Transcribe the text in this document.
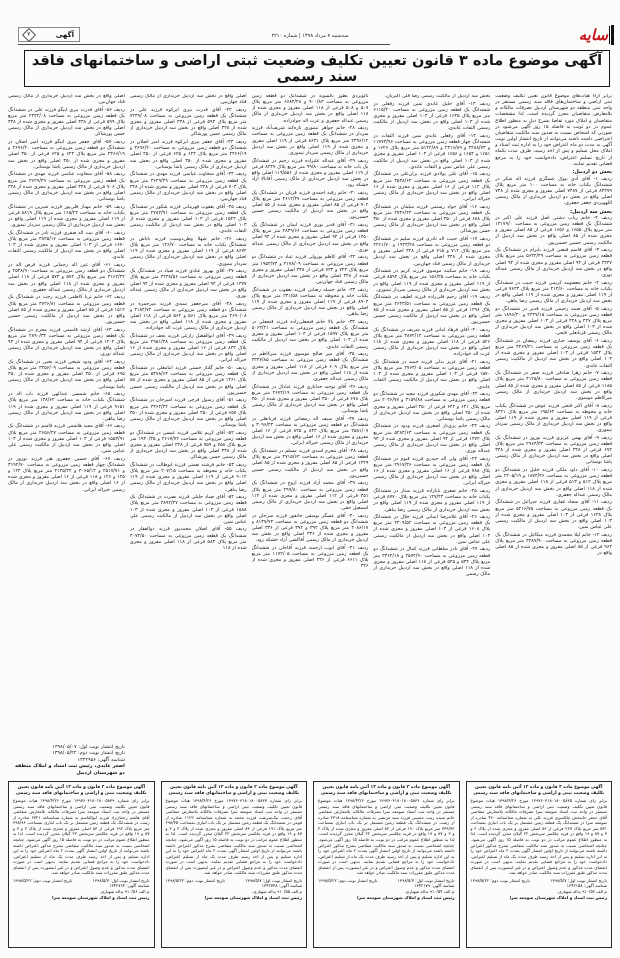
۷	آگهی	سه‌شنبه ۷ مرداد ۱۳۹۸ | شماره ۲۲۱۰	سایه
آگهی موضوع ماده ۳ قانون تعیین تکلیف وضعیت ثبتی اراضی و ساختمانهای فاقد سند رسمی

برابر آراء هیات‌های موضوع قانون تعیین تکلیف وضعیت ثبتی اراضی و ساختمان‌های فاقد سند رسمی مستقر در واحد ثبتی منطقه دو شهرستان اردبیل تصرفات مالکانه و بلامعارض متقاضیان محرز گردیده است. لذا مشخصات متقاضیان و املاک مورد تقاضا بشرح ذیل به منظور اطلاع عموم در دو نوبت به فاصله ۱۵ روز آگهی می‌شود در صورتی که اشخاص نسبت به صدور سند مالکیت متقاضیان اعتراضی داشته باشند می‌توانند از تاریخ انتشار اولین نوبت آگهی به مدت دو ماه اعتراض خود را به اداره ثبت اسناد و املاک محل تسلیم و پس از اخذ رسید، ظرف مدت یکماه از تاریخ تسلیم اعتراض، دادخواست خود را به مرجع قضایی تقدیم نمایند.

بخش دو اردبیل:

ردیف ۱- آقای آدی بیوک عسگری فرزند اله شکر در ششدانگ یکباب خانه به مساحت ۱۰۰ متر مربع پلاک ۸۳۳۷۹ فرعی از ۷۴۸۷ اصلی مفروز و مجزی شده از ۷۴۸ اصلی واقع در بخش دو اردبیل خریداری از مالک رسمی اللهویردی جعفر جعفری.

بخش سه اردبیل:

ردیف ۲- خانم رباب دشتی اصل فرزند علی اکبر در ششدانگ یک قطعه زمین مزروعی به مساحت ۱۳۱۷۹/۰ متر مربع پلاک ۱۶۵۵ و ۱۶۵۶ فرعی از ۸۵ اصلی مفروز و مجزی شده از ۸۵ اصلی واقع در بخش سه اردبیل از مالکیت رسمی حسین حسین‌پور.

ردیف ۳- آقای قاسم فیضی فرزند بایرام در ششدانگ یک قطعه زمین مزروعی به مساحت ۵۶۳۲/۴۹ متر مربع پلاک ۲۳۴۷ فرعی از ۹۴ اصلی مفروز و مجزی شده از ۹۴ اصلی واقع در بخش سه اردبیل خریداری از مالک رسمی عبداله نوری.

ردیف ۴- خانم معصومه کریمی فرزند حبیب در ششدانگ یکباب خانه به مساحت ۲۱۴/۶۰ متر مربع پلاک ۷۶۲۳ فرعی از ۱۱۹ اصلی مفروز و مجزی شده از ۱۱۹ اصلی واقع در بخش سه اردبیل خریداری از مالک رسمی رضا پناهی.

ردیف ۵- آقای صمد رحیمی فرزند قدیر در ششدانگ دو قطعه زمین مزروعی به مساحت ۲۴۳۷/۱۵ و ۱۸۹۶/۴۰ متر مربع پلاک ۴۲۷ و ۴۲۸ فرعی از ۱۰۳ اصلی مفروز و مجزی شده از ۱۰۳ اصلی واقع در بخش سه اردبیل خریداری از مالک رسمی قربانعلی فتحی.

ردیف ۶- آقای یوسف جباری فرزند رمضان در ششدانگ یک قطعه زمین مزروعی به مساحت ۳۲۶۹/۲۱ متر مربع پلاک ۱۵۴۲ فرعی از ۱۰۳ اصلی مفروز و مجزی شده از ۱۰۳ اصلی واقع در بخش سه اردبیل از مالکیت رسمی التفات عابدی.

ردیف ۷- خانم زهرا صادقی فرزند صفر در ششدانگ یک قطعه زمین مزروعی به مساحت ۴۱۲۵/۸۰ متر مربع پلاک ۱۱۸۵ فرعی از ۸۵ اصلی مفروز و مجزی شده از ۸۵ اصلی واقع در بخش سه اردبیل خریداری از مالک رسمی میرکاظم موسوی.

ردیف ۸- آقای اکبر فتحی فرزند عوض در ششدانگ یکباب خانه و محوطه به مساحت ۱۹۵/۶۲ متر مربع پلاک ۸۴۲۱ فرعی از ۱۱۹ اصلی مفروز و مجزی شده از ۱۱۹ اصلی واقع در بخش سه اردبیل خریداری از مالک رسمی سردار تیموری.

ردیف ۹- آقای بهمن عزیزی فرزند نوروز در ششدانگ یک قطعه زمین مزروعی به مساحت ۲۹۶۴/۳۳ متر مربع پلاک ۶۷۲ فرعی از ۳۴۸ اصلی مفروز و مجزی شده از ۳۴۸ اصلی واقع در بخش سه اردبیل خریداری از مالک رسمی پاشا بوستانی.

ردیف ۱۰- آقای داود ملکی فرزند خلیل در ششدانگ دو قطعه زمین مزروعی به مساحت ۱۸۷۴/۲۶ و ۲۲۰۵/۱۹ متر مربع پلاک ۵۱۲ و ۵۱۳ فرعی از ۱۱۸ اصلی مفروز و مجزی شده از ۱۱۸ اصلی واقع در بخش سه اردبیل خریداری از مالک رسمی عبداله جعفری.

ردیف ۱۱- آقای سجاد غفاری فرزند جبرائیل در ششدانگ یک قطعه زمین مزروعی به مساحت ۵۲۱۶/۷۵ متر مربع پلاک ۱۶۳۸ فرعی از ۱۰۳ اصلی مفروز و مجزی شده از ۱۰۳ اصلی واقع در بخش سه اردبیل از مالکیت رسمی علی عباس نمین.

ردیف ۱۲- خانم لیلا محمدی فرزند میکائیل در ششدانگ یک قطعه زمین مزروعی به مساحت ۳۴۸۷/۹۰ متر مربع پلاک ۹۶۴ فرعی از ۸۵ اصلی مفروز و مجزی شده از ۸۵ اصلی واقع در

بخش سه اردبیل از مالکیت رسمی رضا قلی اکبریان.

ردیف ۱۳- آقای جلیل عابدی نمین فرزند رفعلی در ششدانگ یک قطعه زمین مزروعی به مساحت ۶۱۱۵/۴۰ متر مربع پلاک ۱۶۴۵ فرعی از ۱۰۳ اصلی مفروز و مجزی شده از ۱۰۳ اصلی واقع در بخش سه اردبیل از مالکیت رسمی التفات عابدی.

ردیف ۱۴- آقای رفعلی عابدی نمین فرزند التفات در ششدانگ چهار قطعه زمین مزروعی به مساحت ۱۱۷۷۳/۹۶ و ۴۴۸۸/۷۳ و ۲۴۱۶/۸۹ و ۵۱۴۲/۸۹ متر مربع پلاک ۱۶۲۶ و ۱۶۵۱ و ۱۶۵۴ و ۱۶۵۶ فرعی از ۱۰۳ اصلی مفروز و مجزی شده از ۱۰۳ اصلی واقع در بخش سه اردبیل از مالکیت رسمی علی عباس نمین و التفات عابدی.

ردیف ۱۵- آقای علی پولادی فرزند بران‌علی در ششدانگ یک قطعه زمین مزروعی به مساحت ۳۵۴۸/۶۲ متر مربع پلاک ۱۱۲ فرعی از ۱۶ اصلی مفروز و مجزی شده از ۱۶ اصلی واقع در بخش سه اردبیل خریداری از مالک رسمی خیراله ایرانی.

ردیف ۱۶- آقای جواد رستمی فرزند سلمان در ششدانگ یک قطعه زمین مزروعی به مساحت ۲۷۳۶/۴۴ متر مربع پلاک ۶۸۸ فرعی از ۳۵۰ اصلی مفروز و مجزی شده از ۳۵۰ اصلی واقع در بخش سه اردبیل خریداری از مالک رسمی حسن پورشاکر.

ردیف ۱۷- آقای حبیب اله نادری فرزند سلیم در ششدانگ دو قطعه زمین مزروعی به مساحت ۱۹۴۳/۲۸ و ۲۲۶۱/۷۰ متر مربع پلاک ۷۱۴ و ۷۱۵ فرعی از ۳۴۸ اصلی مفروز و مجزی شده از ۳۴۸ اصلی واقع در بخش سه اردبیل خریداری از مالک رسمی قناد جهان‌بین.

ردیف ۱۸- خانم سکینه موسوی فرزند کریم در ششدانگ یکباب خانه به مساحت ۱۵۶/۳۵ متر مربع پلاک ۸۵۹۴ فرعی از ۱۱۹ اصلی مفروز و مجزی شده از ۱۱۹ اصلی واقع در بخش سه اردبیل خریداری از مالک رسمی سردار تیموری.

ردیف ۱۹- آقای رحیم قلی‌زاده فرزند لطیف در ششدانگ یک قطعه زمین مزروعی به مساحت ۴۶۲۳/۵۱ متر مربع پلاک ۱۲۹۶ فرعی از ۸۵ اصلی مفروز و مجزی شده از ۸۵ اصلی واقع در بخش سه اردبیل از مالکیت رسمی حسین حسین‌پور.

ردیف ۲۰- آقای فرهاد امانی فرزند شریف در ششدانگ یک قطعه زمین مزروعی به مساحت ۳۸۷۲/۱۴ متر مربع پلاک ۵۲۶ فرعی از ۱۱۸ اصلی مفروز و مجزی شده از ۱۱۸ اصلی واقع در بخش سه اردبیل خریداری از مالک رسمی عزت اله جوادزاده.

ردیف ۲۱- آقای عزیز بدلی فرزند حمید در ششدانگ یک قطعه زمین مزروعی به مساحت ۲۷۶۴/۰۵ متر مربع پلاک ۱۵۷۰ فرعی از ۱۰۳ اصلی مفروز و مجزی شده از ۱۰۳ اصلی واقع در بخش سه اردبیل از مالکیت رسمی التفات عابدی.

ردیف ۲۲- آقای مهدی شکوری فرزند مجید در ششدانگ دو قطعه زمین مزروعی به مساحت ۳۱۵۹/۸۸ و ۲۰۴۶/۷۷ متر مربع پلاک ۶۴۱ و ۶۴۲ فرعی از ۳۵۰ اصلی مفروز و مجزی شده از ۳۵۰ اصلی واقع در بخش سه اردبیل خریداری از مالک رسمی پاشا بوستانی.

ردیف ۲۳- خانم پری‌ناز اصغری فرزند ودود در ششدانگ یک قطعه زمین مزروعی به مساحت ۵۲۸۴/۶۳ متر مربع پلاک ۱۴۷۲ فرعی از ۹۴ اصلی مفروز و مجزی شده از ۹۴ اصلی واقع در بخش سه اردبیل خریداری از مالک رسمی عبداله نوری.

ردیف ۲۴- آقای ولی اله حیدری فرزند قیوم در ششدانگ یک قطعه زمین مزروعی به مساحت ۲۹۱۷/۳۶ متر مربع پلاک ۷۸۸ فرعی از ۱۶ اصلی مفروز و مجزی شده از ۱۶ اصلی واقع در بخش سه اردبیل خریداری از مالک رسمی خیراله ایرانی.

ردیف ۲۵- خانم صغری بابازاده فرزند ستار در ششدانگ یکباب خانه به مساحت ۱۲۷/۴۴ متر مربع پلاک ۸۷۷۰ فرعی از ۱۱۹ اصلی مفروز و مجزی شده از ۱۱۹ اصلی واقع در بخش سه اردبیل خریداری از مالک رسمی رضا پناهی.

ردیف ۲۶- آقای غلامرضا ایمانی فرزند جلال در ششدانگ یک قطعه زمین مزروعی به مساحت ۴۴۰۹/۵۲ متر مربع پلاک ۱۶۰۸ فرعی از ۱۰۳ اصلی مفروز و مجزی شده از ۱۰۳ اصلی واقع در بخش سه اردبیل از مالکیت رسمی علی عباس نمین.

ردیف ۲۷- آقای نادر سلطانی فرزند کمال در ششدانگ دو قطعه زمین مزروعی به مساحت ۲۵۷۴/۹۰ و ۳۳۶۲/۱۸ متر مربع پلاک ۵۴۴ و ۵۴۵ فرعی از ۱۱۸ اصلی مفروز و مجزی شده از ۱۱۸ اصلی واقع در بخش سه اردبیل خریداری از مالک رسمی

تالویردی بطور بالسویه در ششدانگ دو قطعه زمین مزروعی به مساحت ۹۰۰/۸۳ و ۶۶۸۴/۲۸ متر مربع پلاک ۵۰۷ و ۵۰۸ فرعی از ۱۱۸ اصلی مفروز و مجزی شده از ۱۱۸ اصلی واقع در بخش سه اردبیل خریداری از مالک رسمی عبداله جعفری و عزت اله جوادزاده.

ردیف ۲۸- خانم جواهر تیموری تازه‌کند شریف‌آباد فرزند سردار در ششدانگ یک قطعه زمین مزروعی به مساحت ۲۳۹۶/۱۲ متر مربع پلاک ۸۶۳۱ فرعی از ۱۱۹ اصلی مفروز و مجزی شده از ۱۱۹ اصلی واقع در بخش سه اردبیل خریداری از مالک رسمی سردار تیموری.

ردیف ۲۹- آقای عبداله علیزاده فرزند رحیم در ششدانگ یک باب خانه به مساحت ۹۹/۸۰ متر مربع پلاک ۸۲۳۷ فرعی از ۱۱۹ اصلی مفروز و مجزی شده از ۱۱۹/۵۵۶ اصلی واقع در بخش سه اردبیل خریداری از مالک رسمی آقابالا آزاد خشکه رود.

ردیف ۳۰- خانم رقیه احمدی فرزند قربان در ششدانگ یک قطعه زمین مزروعی به مساحت ۳۶۱۲/۴۷ متر مربع پلاک ۹۰۲ فرعی از ۸۵ اصلی مفروز و مجزی شده از ۸۵ اصلی واقع در بخش سه اردبیل از مالکیت رسمی حسین حسین‌پور.

ردیف ۳۱- آقای قدیر نوری فرزند ایمان در ششدانگ یک قطعه زمین مزروعی به مساحت ۲۸۳۹/۶۶ متر مربع پلاک ۱۳۵۰ فرعی از ۹۴ اصلی مفروز و مجزی شده از ۹۴ اصلی واقع در بخش سه اردبیل خریداری از مالک رسمی عبداله نوری.

ردیف ۳۲- آقای کاظم پورولی فرزند عباد در ششدانگ دو قطعه زمین مزروعی به مساحت ۴۱۷۸/۰۹ و ۱۹۵۳/۷۴ متر مربع پلاک ۷۳۲ و ۷۳۳ فرعی از ۳۴۸ اصلی مفروز و مجزی شده از ۳۴۸ اصلی واقع در بخش سه اردبیل خریداری از مالک رسمی قناد جهان‌بین.

ردیف ۳۳- خانم جمیله رضایی فرزند یعقوب در ششدانگ یکباب خانه و محوطه به مساحت ۲۳۱/۵۸ متر مربع پلاک ۸۹۰۳ فرعی از ۱۱۹ اصلی مفروز و مجزی شده از ۱۱۹ اصلی واقع در بخش سه اردبیل خریداری از مالک رسمی رضا پناهی.

ردیف ۳۴- خانم بالا خانم فتحعلی‌زاده فرزند فتحعلی در ششدانگ یک قطعه زمین مزروعی به مساحت ۵۰۶۳/۲۱ متر مربع پلاک ۱۵۹۷ فرعی از ۱۰۳ اصلی مفروز و مجزی شده از ۱۰۳ اصلی واقع در بخش سه اردبیل از مالکیت رسمی التفات عابدی.

ردیف ۳۵- آقای میر صالح موسوی فرزند میرکاظم در ششدانگ یک قطعه زمین مزروعی به مساحت ۳۳۴۷/۸۵ متر مربع پلاک ۶۰۹ فرعی از ۱۱۸ اصلی مفروز و مجزی شده از ۱۱۸ اصلی واقع در بخش سه اردبیل خریداری از مالک رسمی عبداله جعفری.

ردیف ۳۶- آقای توحید خدایاری فرزند عبادال در ششدانگ یک قطعه زمین مزروعی به مساحت ۲۶۷۴/۱۹ متر مربع پلاک ۶۷۸ فرعی از ۳۵۰ اصلی مفروز و مجزی شده از ۳۵۰ اصلی واقع در بخش سه اردبیل خریداری از مالک رسمی پاشا بوستانی.

ردیف ۳۷- آقای سیف اله رمضانی فرزند قربانعلی در ششدانگ دو قطعه زمین مزروعی به مساحت ۳۰۹۶/۴۴ و ۲۵۸۱/۰۷ متر مربع پلاک ۸۲۴ و ۸۲۵ فرعی از ۱۶ اصلی مفروز و مجزی شده از ۱۶ اصلی واقع در بخش سه اردبیل خریداری از مالک رسمی خیراله ایرانی.

ردیف ۳۸- آقای محرم اسدی فرزند مسلم در ششدانگ یک قطعه زمین مزروعی به مساحت ۴۷۱۵/۶۳ متر مربع پلاک ۱۴۲۹ فرعی از ۸۵ اصلی مفروز و مجزی شده از ۸۵ اصلی واقع در بخش سه اردبیل از مالکیت رسمی حسین حسین‌پور.

ردیف ۳۹- آقای محمد آزاد فرزند اروج در ششدانگ یک قطعه زمین مزروعی به مساحت ۲۹۹/۸۰ متر مربع پلاک ۳۵۱ فرعی از ۱۱۲ اصلی مفروز و مجزی شده از ۱۱۲ اصلی واقع در بخش سه اردبیل خریداری از مالک رسمی اسمعیل حقی.

ردیف ۴۰- آقای عسگر یوسفی جانقور فرزند سرخان در ششدانگ دو قطعه زمین مزروعی به مساحت ۸۱۳۷/۷۴ و ۲۰۸۶/۱۷ متر مربع پلاک ۳۹۲ و ۳۹۴ فرعی از ۳۳۶ اصلی مفروز و مجزی شده از ۳۳۶ اصلی واقع در بخش سه اردبیل خریداری از مالک رسمی آقاکشی آزاد خشکه رود.

ردیف ۴۱- آقای ایوب ارجمند فرزند آقاجان در ششدانگ یک قطعه زمین مزروعی به مساحت ۱۱۷۲/۰۵ متر مربع پلاک ۶۶۱۱ فرعی از ۳۳۶ اصلی مفروز و مجزی شده از ۳۳۶

اصلی واقع در بخش سه اردبیل خریداری از مالک رسمی قناد جهان‌بین.

ردیف ۴۲- آقای قدرت بیری ایرکوه فرزند علی در ششدانگ یک قطعه زمین مزروعی به مساحت ۷۴۴۹/۰۸ متر مربع پلاک ۵۹۴ فرعی از ۳۴۸ اصلی مفروز و مجزی شده از ۳۴۸ اصلی واقع در بخش سه اردبیل خریداری از مالک رسمی حسن پورشاکر.

ردیف ۴۳- آقای جعفر بیری ایرکوه فرزند امیر اصلان در ششدانگ دو قطعه زمین مزروعی به مساحت ۳۶۹۶/۲۰ و ۲۴۶۶/۱۹ متر مربع پلاک ۶۲۴ و ۶۲۵ فرعی از ۳۵۰ اصلی مفروز و مجزی شده از ۳۵۰ اصلی واقع در بخش سه اردبیل خریداری از مالک رسمی پاشا بوستانی.

ردیف ۴۴- آقای سخاوت عباسی فرزند مهدی در ششدانگ یک قطعه زمین مزروعی به مساحت ۳۶۲۹/۴۹ متر مربع پلاک ۷۰۳ فرعی از ۳۴۸ اصلی مفروز و مجزی شده از ۳۴۸ اصلی واقع در بخش سه اردبیل خریداری از مالک رسمی قناد جهان‌بین.

ردیف ۴۵- آقای یعقوب قهرمانی فرزند شکور در ششدانگ یک قطعه زمین مزروعی به مساحت ۲۷۸۳/۹۱ متر مربع پلاک ۱۵۲۴ فرعی از ۱۰۳ اصلی مفروز و مجزی شده از ۱۰۳ اصلی واقع در بخش سه اردبیل از مالکیت رسمی التفات عابدی.

ردیف ۴۶- خانم شهلا وطن‌دوست فرزند باباش در ششدانگ یکباب خانه به مساحت ۱۴۶/۷۰ متر مربع پلاک ۸۶۷۲ فرعی از ۱۱۹ اصلی مفروز و مجزی شده از ۱۱۹ اصلی واقع در بخش سه اردبیل خریداری از مالک رسمی سردار تیموری.

ردیف ۴۷- آقای بهروز عبادی فرزند صیاد در ششدانگ یک قطعه زمین مزروعی به مساحت ۴۲۳۸/۵۶ متر مربع پلاک ۱۳۷۷ فرعی از ۹۴ اصلی مفروز و مجزی شده از ۹۴ اصلی واقع در بخش سه اردبیل خریداری از مالک رسمی عبداله نوری.

ردیف ۴۸- آقای میرجعفر سیدی فرزند میرحمزه در ششدانگ دو قطعه زمین مزروعی به مساحت ۳۱۸۴/۷۲ و ۲۶۹۰/۰۸ متر مربع پلاک ۵۶۱ و ۵۶۲ فرعی از ۱۱۸ اصلی مفروز و مجزی شده از ۱۱۸ اصلی واقع در بخش سه اردبیل خریداری از مالک رسمی عزت اله جوادزاده.

ردیف ۴۹- آقای ابوالفضل زارعی فرزند نجف در ششدانگ یک قطعه زمین مزروعی به مساحت ۲۹۵۱/۳۸ متر مربع پلاک ۸۴۲ فرعی از ۱۶ اصلی مفروز و مجزی شده از ۱۶ اصلی واقع در بخش سه اردبیل خریداری از مالک رسمی خیراله ایرانی.

ردیف ۵۰- خانم گلناز حسنی فرزند امامعلی در ششدانگ یک قطعه زمین مزروعی به مساحت ۵۴۷۸/۶۳ متر مربع پلاک ۱۴۶۱ فرعی از ۸۵ اصلی مفروز و مجزی شده از ۸۵ اصلی واقع در بخش سه اردبیل از مالکیت رسمی حسین حسین‌پور.

ردیف ۵۱- آقای رسول فرجی فرزند امیرخان در ششدانگ یک قطعه زمین مزروعی به مساحت ۳۳۶۲/۴۴ متر مربع پلاک ۶۵۷ فرعی از ۳۵۰ اصلی مفروز و مجزی شده از ۳۵۰ اصلی واقع در بخش سه اردبیل خریداری از مالک رسمی پاشا بوستانی.

ردیف ۵۲- آقای کریم غلامی فرزند عیسی در ششدانگ دو قطعه زمین مزروعی به مساحت ۲۶۱۷/۷۲ و ۱۹۴۰/۳۵ متر مربع پلاک ۷۵۸ و ۷۵۹ فرعی از ۳۴۸ اصلی مفروز و مجزی شده از ۳۴۸ اصلی واقع در بخش سه اردبیل خریداری از مالک رسمی حسن پورشاکر.

ردیف ۵۳- خانم فرشته نعمتی فرزند ابوطالب در ششدانگ یکباب خانه و محوطه به مساحت ۲۰۷/۱۵ متر مربع پلاک ۹۰۱۴ فرعی از ۱۱۹ اصلی مفروز و مجزی شده از ۱۱۹ اصلی واقع در بخش سه اردبیل خریداری از مالک رسمی رضا پناهی.

ردیف ۵۴- آقای صیاد جلیلی فرزند نصرت در ششدانگ یک قطعه زمین مزروعی به مساحت ۴۸۹۲/۲۷ متر مربع پلاک ۱۵۸۸ فرعی از ۱۰۳ اصلی مفروز و مجزی شده از ۱۰۳ اصلی واقع در بخش سه اردبیل از مالکیت رسمی علی عباس نمین.

ردیف ۵۵- آقای اصلان محمدپور فرزند ذوالفقار در ششدانگ یک قطعه زمین مزروعی به مساحت ۳۰۷۴/۵۰ متر مربع پلاک ۵۸۳ فرعی از ۱۱۸ اصلی مفروز و مجزی شده از ۱۱۸

اصلی واقع در بخش سه اردبیل خریداری از مالک رسمی قناد جهان‌بین.

ردیف ۵۶- آقای قدرت بیری ایبگو فرزند علی در ششدانگ یک قطعه زمین مزروعی به مساحت ۲۴۴۲/۰۸ متر مربع پلاک ۵۹۹ فرعی از ۳۴۸ اصلی مفروز و مجزی شده از ۳۴۸ اصلی واقع در بخش سه اردبیل خریداری از مالک رسمی حسن پورشاکر.

ردیف ۵۷- آقای جعفر بیری ایبگو فرزند امیر اصلان در ششدانگ دو قطعه زمین مزروعی به مساحت ۳۶۹۶/۲۰ و ۲۴۶۶/۱۹ متر مربع پلاک ۶۲۴ و ۶۲۵ فرعی از ۳۵۰ اصلی مفروز و مجزی شده از ۳۵۰ اصلی واقع در بخش سه اردبیل خریداری از مالک رسمی پاشا بوستانی.

ردیف ۵۸- آقای سخاوت عباسی فرزند مهدی در ششدانگ یک قطعه زمین مزروعی به مساحت ۳۶۲۹/۴۹ متر مربع پلاک ۷۰۶ فرعی از ۳۴۸ اصلی مفروز و مجزی شده از ۳۴۸ اصلی واقع در بخش سه اردبیل خریداری از مالک رسمی پاشا بوستانی.

ردیف ۵۹- خانم مهناز قلی‌پور فرزند شیرین در ششدانگ یکباب خانه به مساحت ۱۶۵/۲۴ متر مربع پلاک ۸۸۱۹ فرعی از ۱۱۹ اصلی مفروز و مجزی شده از ۱۱۹ اصلی واقع در بخش سه اردبیل خریداری از مالک رسمی سردار تیموری.

ردیف ۶۰- آقای بیت اله صفری فرزند نادر در ششدانگ یک قطعه زمین مزروعی به مساحت ۳۸۴۵/۱۶ متر مربع پلاک ۱۶۷۰ فرعی از ۱۰۳ اصلی مفروز و مجزی شده از ۱۰۳ اصلی واقع در بخش سه اردبیل از مالکیت رسمی التفات عابدی.

ردیف ۶۱- آقای عین اله رحمانی فرزند فرض اله در ششدانگ دو قطعه زمین مزروعی به مساحت ۲۵۳۸/۹۰ و ۳۱۶۲/۴۴ متر مربع پلاک ۵۷۲ و ۵۷۳ فرعی از ۱۱۸ اصلی مفروز و مجزی شده از ۱۱۸ اصلی واقع در بخش سه اردبیل خریداری از مالک رسمی عبداله جعفری.

ردیف ۶۲- خانم ثریا کاظمی فرزند رجب در ششدانگ یک قطعه زمین مزروعی به مساحت ۴۷۲۶/۸۱ متر مربع پلاک ۱۵۱۲ فرعی از ۸۵ اصلی مفروز و مجزی شده از ۸۵ اصلی واقع در بخش سه اردبیل از مالکیت رسمی حسین حسین‌پور.

ردیف ۶۳- آقای ارشد قاسمی فرزند محرم در ششدانگ یک قطعه زمین مزروعی به مساحت ۲۸۹۰/۳۳ متر مربع پلاک ۱۴۰۲ فرعی از ۹۴ اصلی مفروز و مجزی شده از ۹۴ اصلی واقع در بخش سه اردبیل خریداری از مالک رسمی عبداله نوری.

ردیف ۶۴- آقای ودود شیخی فرزند یحیی در ششدانگ یک قطعه زمین مزروعی به مساحت ۳۴۵۶/۰۹ متر مربع پلاک ۶۹۵ فرعی از ۳۵۰ اصلی مفروز و مجزی شده از ۳۵۰ اصلی واقع در بخش سه اردبیل خریداری از مالک رسمی پاشا بوستانی.

ردیف ۶۵- خانم شمسی عبدالهی فرزند باب اله در ششدانگ یکباب خانه به مساحت ۱۳۸/۶۲ متر مربع پلاک ۹۱۵۱ فرعی از ۱۱۹ اصلی مفروز و مجزی شده از ۱۱۹ اصلی واقع در بخش سه اردبیل خریداری از مالک رسمی رضا پناهی.

ردیف ۶۶- آقای مجید هاشمی فرزند قاسم در ششدانگ یک قطعه زمین مزروعی به مساحت ۲۶۵۶/۲۷ متر مربع پلاک ۱۵۵۳/۹۱ فرعی از ۱۰۳ اصلی مفروز و مجزی شده از ۱۰۳ اصلی واقع در بخش سه اردبیل از مالکیت رسمی علی عباس نمین.

ردیف ۶۷- آقای حسین جعفری هیر فرزند نوروز در ششدانگ چهار قطعه زمین مزروعی به مساحت ۳۱۹۲/۷۰ و ۲۵۱۷/۷۱ و ۳۰۶۵/۱۲ و ۲۱۴۵/۴۴ متر مربع پلاک ۱۲۴ و ۱۲۵ و ۱۲۶ و ۱۱۸ فرعی از ۱۶ اصلی مفروز و مجزی شده از ۱۶ اصلی واقع در بخش سه اردبیل خریداری از مالک رسمی خیراله ایرانی.

تاریخ انتشار نوبت اول: ۱۳۹۸/۰۵/۰۷

تاریخ انتشار نوبت دوم: ۱۳۹۸/۰۵/۲۲

شناسه آگهی: ۱۳۴۲۹۵۶

اصغر عابدی، رئیس ثبت اسناد و املاک منطقه دو شهرستان اردبیل

آگهی موضوع ماده ۳ قانون و ماده ۱۳ آئین نامه قانون تعیین تکلیف وضعیت ثبتی و اراضی و ساختمانهای فاقد سند رسمی
برابر رای شماره ۱۳۹۷۶۰۳۱۸۰۱۸۰۰۵۸۳۵ مورخ ۱۳۹۸/۴/۲۶ هیات موضوع قانون تعیین تکلیف وضعیت ثبتی اراضی و ساختمانهای فاقد سند رسمی مستقر در واحد ثبت اسناد صومعه سرا تصرفات مالکانه بلامعارض متقاضی آقای جعفر جانبخش چلکسری فرزند علی به شماره شناسنامه ۴۶۰ صادره از صومعه سرا در ششدانگ یک قطعه زمین مشتمل بر یک باب انباری بمساحت ۵۳۱ متر مربع پلاک ۲۶۷ فرعی از ۸۳ اصلی مفروز و مجزی شده از پلاک ۲ و ۳ و ۸۷ و ۱۹ واقع در قریه چلکسر سربخش ۲۲ گیلان محرز گردیده است. لذا به منظور اطلاع عموم مراتب در دو نوبت به فاصله ۱۵ روز آگهی می‌شود. چنانچه اشخاصی نسبت به صدور سند مالکیت متقاضی بشرح مذکور اعتراض داشته باشند می‌توانند از تاریخ اولین انتشار آگهی بمدت ۲ ماه اعتراض خود را به این اداره تسلیم و پس از اخذ رسید ظرف مدت یک ماه از تسلیم اعتراض، دادخواست خود را به مراجع قضایی تقدیم نمایند. بدیهی است در صورت انقضای مدت مذکور و عدم وصول اعتراض و در غیر اینصورت پس از انقضای مدت مذکور طبق مقررات سند مالکیت صادر خواهد شد.
تاریخ انتشار نوبت اول: ۱۳۹۸/۵/۷
تاریخ انتشار نوبت دوم: ۱۳۹۸/۵/۲۲

شناسه آگهی: ۱۳۴۲۱۵۸

م الف ۹۱۰/۵۲ یداله شهبازی.

رئیس ثبت اسناد و املاک شهرستان صومعه سرا

آگهی موضوع ماده ۳ قانون و ماده ۱۳ آئین نامه قانون تعیین تکلیف وضعیت ثبتی و اراضی و ساختمانهای فاقد سند رسمی
برابر رای شماره ۱۳۹۷۶۰۳۱۸۰۱۸۰۰۵۸۳۶ مورخ ۱۳۹۸/۴/۲۶ هیات موضوع قانون تعیین تکلیف وضعیت ثبتی اراضی و ساختمانهای فاقد سند رسمی مستقر در واحد ثبت اسناد صومعه سرا تصرفات مالکانه بلامعارض متقاضی خانم سیده زینب حسینی فرزند سید مرتضی به شماره شناسنامه ۲۳۱۸ صادره از رشت در ششدانگ یک قطعه زمین مشتمل بر یک باب انباری بمساحت ۳۳۹/۷۲ متر مربع پلاک ۱۹۰ فرعی از ۸۳ اصلی مفروز و مجزی شده از پلاک ۲ و ۳ و ۸۷ و ۱۹ واقع در قریه چلکسر سربخش ۲۲ گیلان محرز گردیده است. لذا به منظور اطلاع عموم مراتب در دو نوبت به فاصله ۱۵ روز آگهی می‌شود. چنانچه اشخاصی نسبت به صدور سند مالکیت متقاضی بشرح مذکور اعتراض داشته باشند می‌توانند از تاریخ اولین انتشار آگهی بمدت ۲ ماه اعتراض خود را به این اداره تسلیم و پس از اخذ رسید ظرف مدت یک ماه از تسلیم اعتراض، دادخواست خود را به مراجع قضایی تقدیم نمایند. بدیهی است در صورت انقضای مدت مذکور و عدم وصول اعتراض و در غیر اینصورت پس از انقضای مدت مذکور طبق مقررات سند مالکیت صادر خواهد شد.
تاریخ انتشار نوبت اول: ۱۳۹۸/۵/۷
تاریخ انتشار نوبت دوم: ۱۳۹۸/۵/۲۲

شناسه آگهی: ۱۳۴۲۱۷۹

م الف ۹۱۰/۵۴ یداله شهبازی.

رئیس ثبت اسناد و املاک شهرستان صومعه سرا

آگهی موضوع ماده ۳ قانون و ماده ۱۳ آئین نامه قانون تعیین تکلیف وضعیت ثبتی و اراضی و ساختمانهای فاقد سند رسمی
برابر رای شماره ۱۳۹۷۶۰۳۱۸۰۱۸۰۰۵۸۳۷ مورخ ۱۳۹۸/۴/۲۶ هیات موضوع قانون تعیین تکلیف وضعیت ثبتی اراضی و ساختمانهای فاقد سند رسمی مستقر در واحد ثبت اسناد صومعه سرا تصرفات مالکانه بلامعارض متقاضی آقای رحمت نیک‌سرشت فرزند محمد به شماره شناسنامه ۱۱۲۳ صادره از فومن در ششدانگ یک قطعه زمین مشتمل بر یک باب انباری بمساحت ۲۹۸/۴۵ متر مربع پلاک ۱۹۱ فرعی از ۸۳ اصلی مفروز و مجزی شده از پلاک ۲ و ۳ و ۸۷ و ۱۹ واقع در قریه چلکسر سربخش ۲۲ گیلان محرز گردیده است. لذا به منظور اطلاع عموم مراتب در دو نوبت به فاصله ۱۵ روز آگهی می‌شود. چنانچه اشخاصی نسبت به صدور سند مالکیت متقاضی بشرح مذکور اعتراض داشته باشند می‌توانند از تاریخ اولین انتشار آگهی بمدت ۲ ماه اعتراض خود را به این اداره تسلیم و پس از اخذ رسید ظرف مدت یک ماه از تسلیم اعتراض، دادخواست خود را به مراجع قضایی تقدیم نمایند. بدیهی است در صورت انقضای مدت مذکور و عدم وصول اعتراض و در غیر اینصورت پس از انقضای مدت مذکور طبق مقررات سند مالکیت صادر خواهد شد.
تاریخ انتشار نوبت اول: ۱۳۹۸/۵/۷
تاریخ انتشار نوبت دوم: ۱۳۹۸/۵/۲۲

شناسه آگهی: ۱۳۴۲۷۴۸

م الف ۹۱۰/۵۵ یداله شهبازی.

رئیس ثبت اسناد و املاک شهرستان صومعه سرا

آگهی موضوع ماده ۳ قانون و ماده ۱۳ آئین نامه قانون تعیین تکلیف وضعیت ثبتی و اراضی و ساختمانهای فاقد سند رسمی
برابر رای شماره ۱۳۹۷۶۰۳۱۸۰۱۸۰۰۵۸۳۹ مورخ ۱۳۹۸/۴/۲۶ هیات موضوع قانون تعیین تکلیف وضعیت ثبتی اراضی و ساختمانهای فاقد سند رسمی مستقر در واحد ثبت اسناد صومعه سرا تصرفات مالکانه بلامعارض متقاضی آقای هاشم رحمان‌زاد فرزند ابوالقاسم به شماره شناسنامه ۶۷۲۱ صادره از رشت در ششدانگ یک قطعه زمین مشتمل بر یک باب انباری بمساحت ۳۹۸/۹۶ متر مربع پلاک ۱۹۲ فرعی از ۸۳ اصلی مفروز و مجزی شده از پلاک ۲ و ۳ و ۸۷ و ۱۹ واقع در قریه چلکسر سربخش ۲۲ گیلان محرز گردیده است. لذا به منظور اطلاع عموم مراتب در دو نوبت به فاصله ۱۵ روز آگهی می‌شود. چنانچه اشخاصی نسبت به صدور سند مالکیت متقاضی بشرح مذکور اعتراض داشته باشند می‌توانند از تاریخ اولین انتشار آگهی بمدت ۲ ماه اعتراض خود را به این اداره تسلیم و پس از اخذ رسید ظرف مدت یک ماه از تسلیم اعتراض، دادخواست خود را به مراجع قضایی تقدیم نمایند. بدیهی است در صورت انقضای مدت مذکور و عدم وصول اعتراض و در غیر اینصورت پس از انقضای مدت مذکور طبق مقررات سند مالکیت صادر خواهد شد.
تاریخ انتشار نوبت اول: ۱۳۹۸/۵/۷
تاریخ انتشار نوبت دوم: ۱۳۹۸/۵/۲۲

شناسه آگهی: ۱۳۴۲۷۶۴

م الف ۹۱۰/۵۶ یداله شهبازی.

رئیس ثبت اسناد و املاک شهرستان صومعه سرا
